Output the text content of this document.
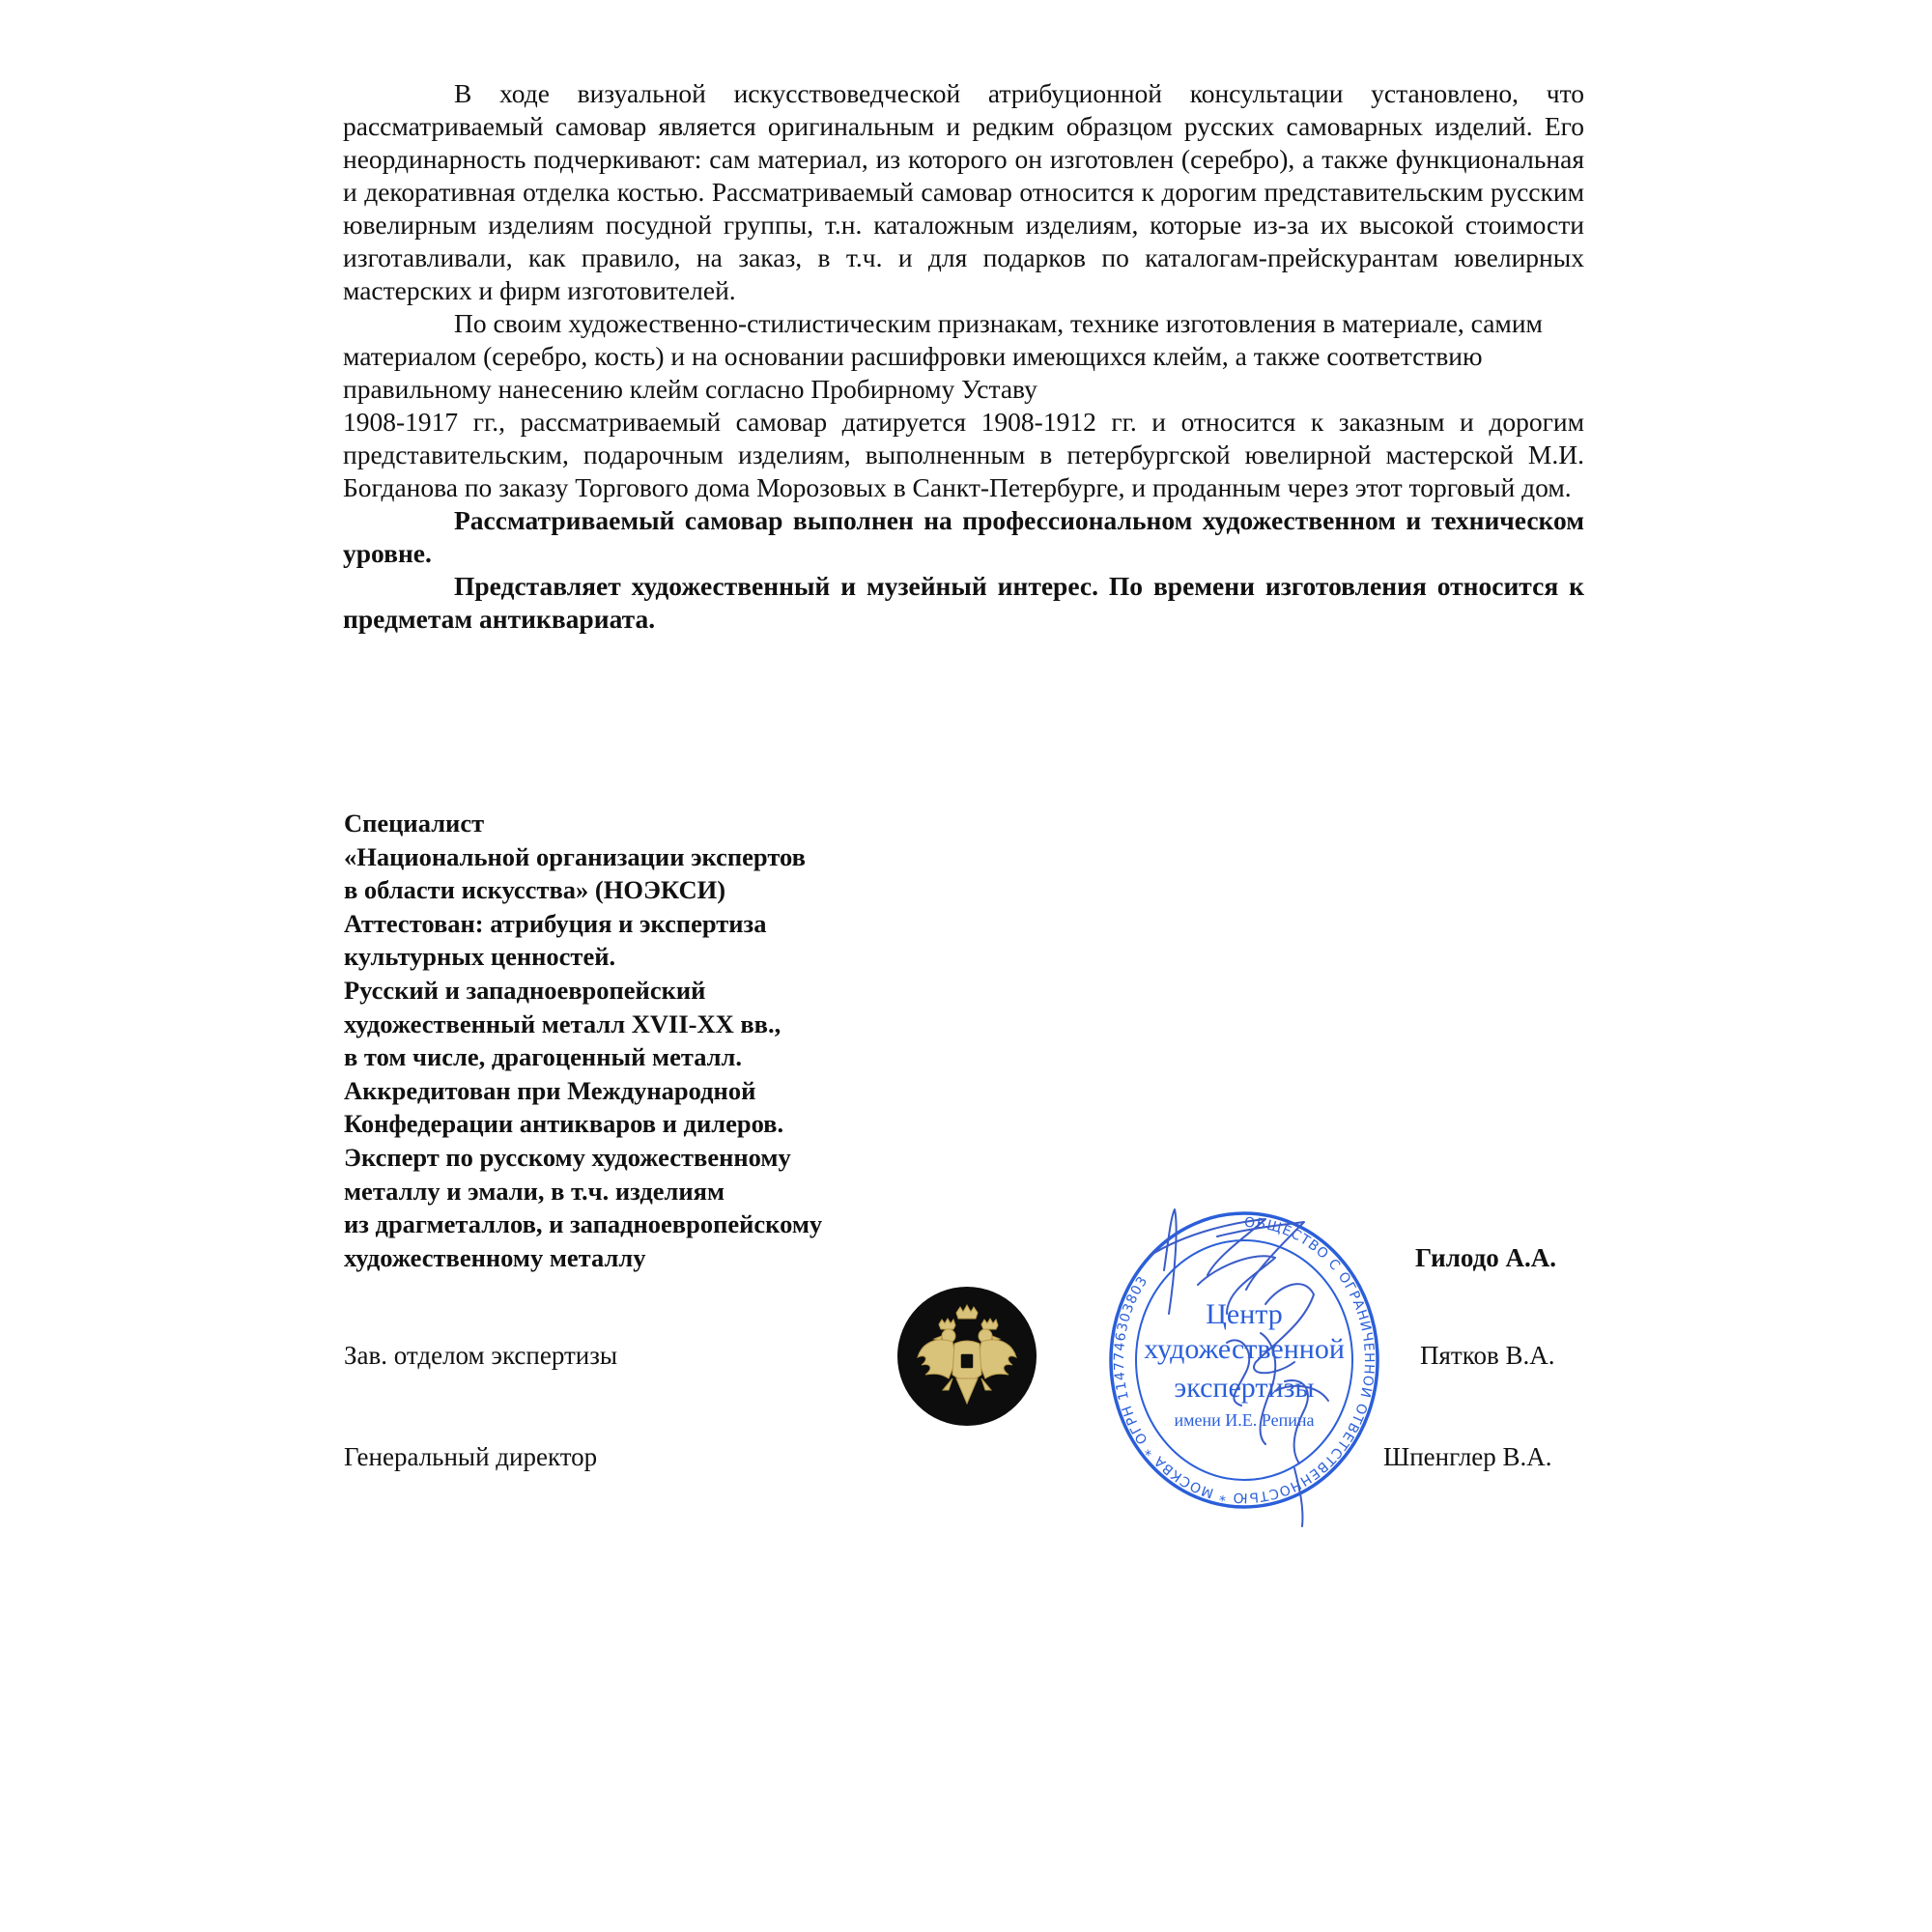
В ходе визуальной искусствоведческой атрибуционной консультации установлено, что рассматриваемый самовар является оригинальным и редким образцом русских самоварных изделий. Его неординарность подчеркивают: сам материал, из которого он изготовлен (серебро), а также функциональная и декоративная отделка костью. Рассматриваемый самовар относится к дорогим представительским русским ювелирным изделиям посудной группы, т.н. каталожным изделиям, которые из-за их высокой стоимости изготавливали, как правило, на заказ, в т.ч. и для подарков по каталогам-прейскурантам ювелирных мастерских и фирм изготовителей.

По своим художественно-стилистическим признакам, технике изготовления в материале, самим материалом (серебро, кость) и на основании расшифровки имеющихся клейм, а также соответствию правильному нанесению клейм согласно Пробирному Уставу

1908-1917 гг., рассматриваемый самовар датируется 1908-1912 гг. и относится к заказным и дорогим представительским, подарочным изделиям, выполненным в петербургской ювелирной мастерской М.И. Богданова по заказу Торгового дома Морозовых в Санкт-Петербурге, и проданным через этот торговый дом.

Рассматриваемый самовар выполнен на профессиональном художественном и техническом уровне.

Представляет художественный и музейный интерес. По времени изготовления относится к предметам антиквариата.

Специалист
«Национальной организации экспертов
в области искусства» (НОЭКСИ)
Аттестован: атрибуция и экспертиза
культурных ценностей.
Русский и западноевропейский
художественный металл XVII-XX вв.,
в том числе, драгоценный металл.
Аккредитован при Международной
Конфедерации антикваров и дилеров.
Эксперт по русскому художественному
металлу и эмали, в т.ч. изделиям
из драгметаллов, и западноевропейскому
художественному металлу	Гилодо А.А.
Зав. отделом экспертизы	Пятков В.А.
Генеральный директор	Шпенглер В.А.
ОБЩЕСТВО С ОГРАНИЧЕННОЙ ОТВЕТСТВЕННОСТЬЮ * МОСКВА * ОГРН 1147746303803
Центр
художественной
экспертизы
имени И.Е. Репина
